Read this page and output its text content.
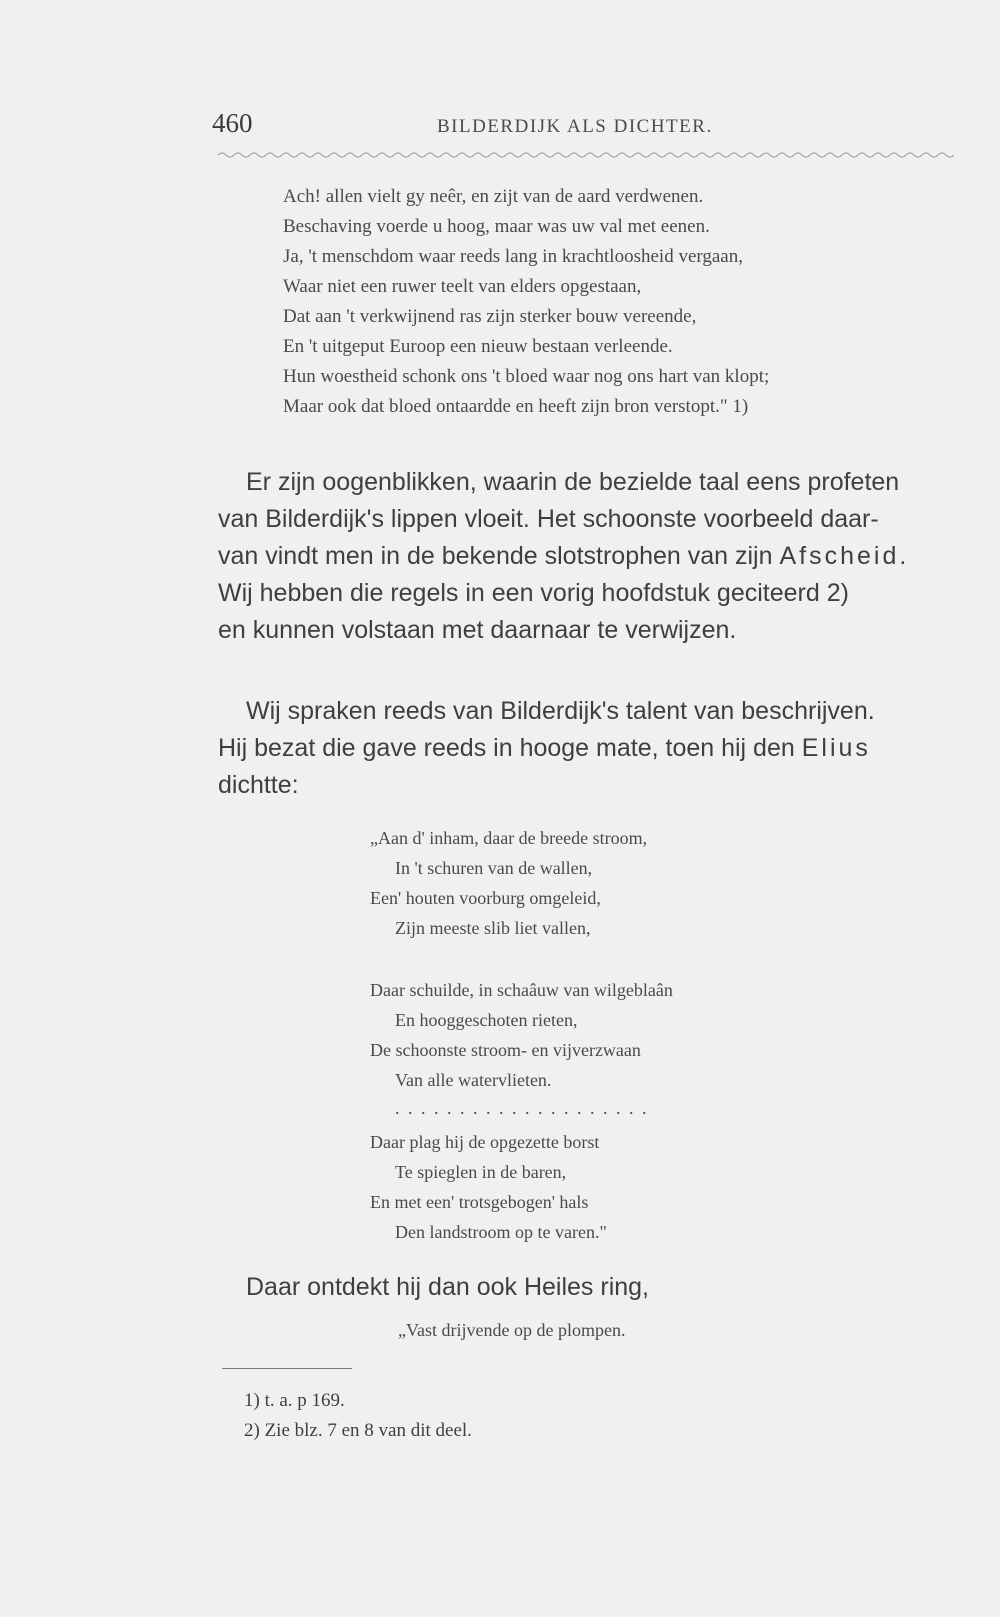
460	BILDERDIJK ALS DICHTER.
Ach! allen vielt gy neêr, en zijt van de aard verdwenen.
Beschaving voerde u hoog, maar was uw val met eenen.
Ja, 't menschdom waar reeds lang in krachtloosheid vergaan,
Waar niet een ruwer teelt van elders opgestaan,
Dat aan 't verkwijnend ras zijn sterker bouw vereende,
En 't uitgeput Euroop een nieuw bestaan verleende.
Hun woestheid schonk ons 't bloed waar nog ons hart van klopt;
Maar ook dat bloed ontaardde en heeft zijn bron verstopt." 1)
Er zijn oogenblikken, waarin de bezielde taal eens profeten
van Bilderdijk's lippen vloeit. Het schoonste voorbeeld daar-
van vindt men in de bekende slotstrophen van zijn Afscheid.
Wij hebben die regels in een vorig hoofdstuk geciteerd 2)
en kunnen volstaan met daarnaar te verwijzen.
Wij spraken reeds van Bilderdijk's talent van beschrijven.
Hij bezat die gave reeds in hooge mate, toen hij den Elius
dichtte:
„Aan d' inham, daar de breede stroom,
In 't schuren van de wallen,
Een' houten voorburg omgeleid,
Zijn meeste slib liet vallen,
Daar schuilde, in schaâuw van wilgeblaân
En hooggeschoten rieten,
De schoonste stroom- en vijverzwaan
Van alle watervlieten.
. . . . . . . . . . . . . . . . . . . .
Daar plag hij de opgezette borst
Te spieglen in de baren,
En met een' trotsgebogen' hals
Den landstroom op te varen."
Daar ontdekt hij dan ook Heiles ring,
„Vast drijvende op de plompen.
1) t. a. p 169.
2) Zie blz. 7 en 8 van dit deel.
